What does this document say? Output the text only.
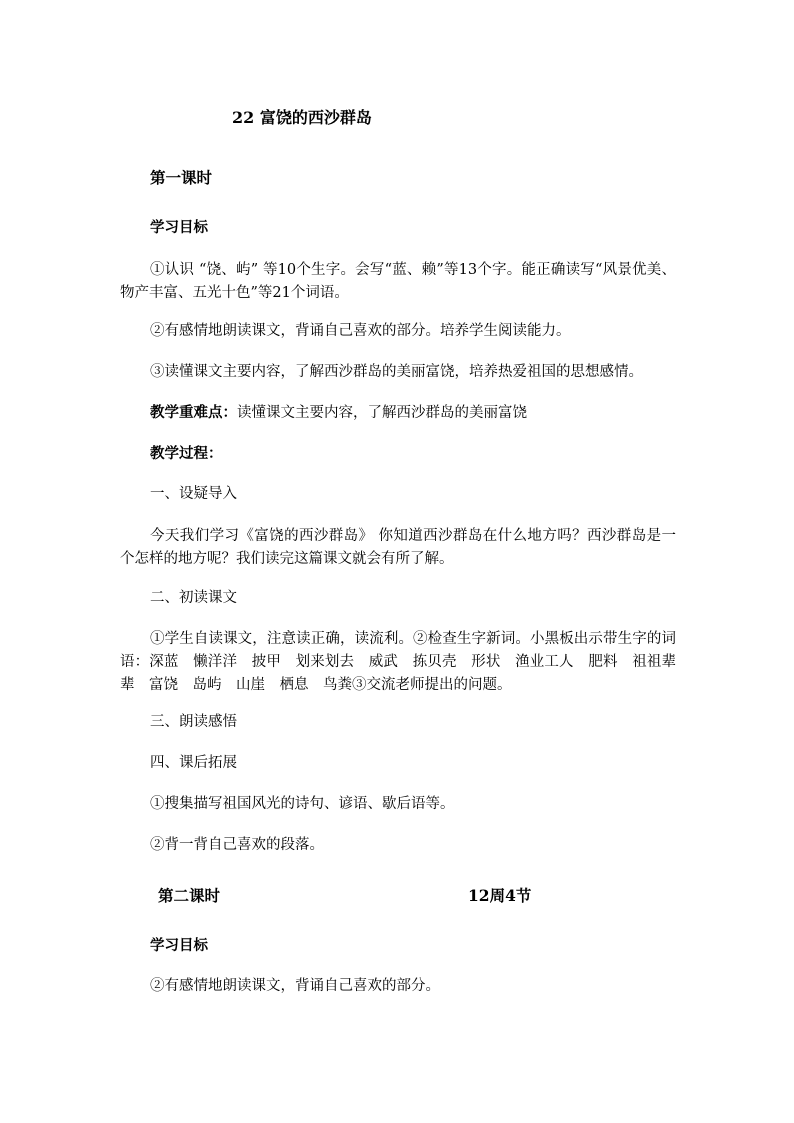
22 富饶的西沙群岛
第一课时
学习目标
①认识 “饶、屿” 等10个生字。会写“蓝、赖”等13个字。能正确读写“风景优美、物产丰富、五光十色”等21个词语。
②有感情地朗读课文，背诵自己喜欢的部分。培养学生阅读能力。
③读懂课文主要内容，了解西沙群岛的美丽富饶，培养热爱祖国的思想感情。
教学重难点：读懂课文主要内容，了解西沙群岛的美丽富饶
教学过程：
一、设疑导入
今天我们学习《富饶的西沙群岛》 你知道西沙群岛在什么地方吗？西沙群岛是一个怎样的地方呢？我们读完这篇课文就会有所了解。
二、初读课文
①学生自读课文，注意读正确，读流利。②检查生字新词。小黑板出示带生字的词语：深蓝　懒洋洋　披甲　划来划去　威武　拣贝壳　形状　渔业工人　肥料　祖祖辈辈　富饶　岛屿　山崖　栖息　鸟粪③交流老师提出的问题。
三、朗读感悟
四、课后拓展
①搜集描写祖国风光的诗句、谚语、歇后语等。
②背一背自己喜欢的段落。
第二课时	12周4节
学习目标
②有感情地朗读课文，背诵自己喜欢的部分。
